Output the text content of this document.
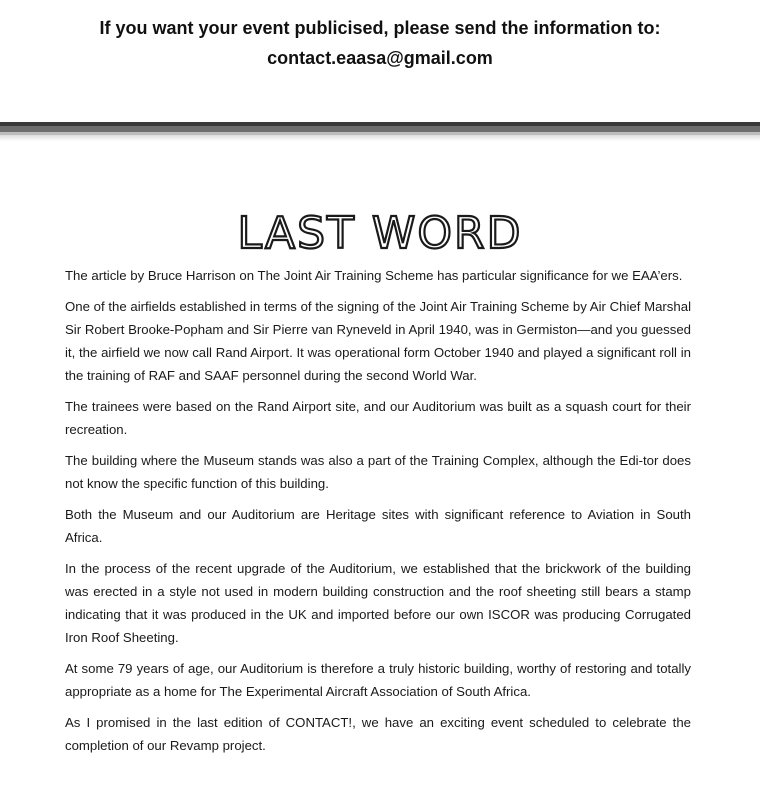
If you want your event publicised, please send the information to:
contact.eaasa@gmail.com
LAST WORD

The article by Bruce Harrison on The Joint Air Training Scheme has particular significance for we EAA’ers.

One of the airfields established in terms of the signing of the Joint Air Training Scheme by Air Chief Marshal Sir Robert Brooke-Popham and Sir Pierre van Ryneveld in April 1940, was in Germiston—and you guessed it, the airfield we now call Rand Airport. It was operational form October 1940 and played a significant roll in the training of RAF and SAAF personnel during the second World War.

The trainees were based on the Rand Airport site, and our Auditorium was built as a squash court for their recreation.

The building where the Museum stands was also a part of the Training Complex, although the Edi-tor does not know the specific function of this building.

Both the Museum and our Auditorium are Heritage sites with significant reference to Aviation in South Africa.

In the process of the recent upgrade of the Auditorium, we established that the brickwork of the building was erected in a style not used in modern building construction and the roof sheeting still bears a stamp indicating that it was produced in the UK and imported before our own ISCOR was producing Corrugated Iron Roof Sheeting.

At some 79 years of age, our Auditorium is therefore a truly historic building, worthy of restoring and totally appropriate as a home for The Experimental Aircraft Association of South Africa.

As I promised in the last edition of CONTACT!, we have an exciting event scheduled to celebrate the completion of our Revamp project.
